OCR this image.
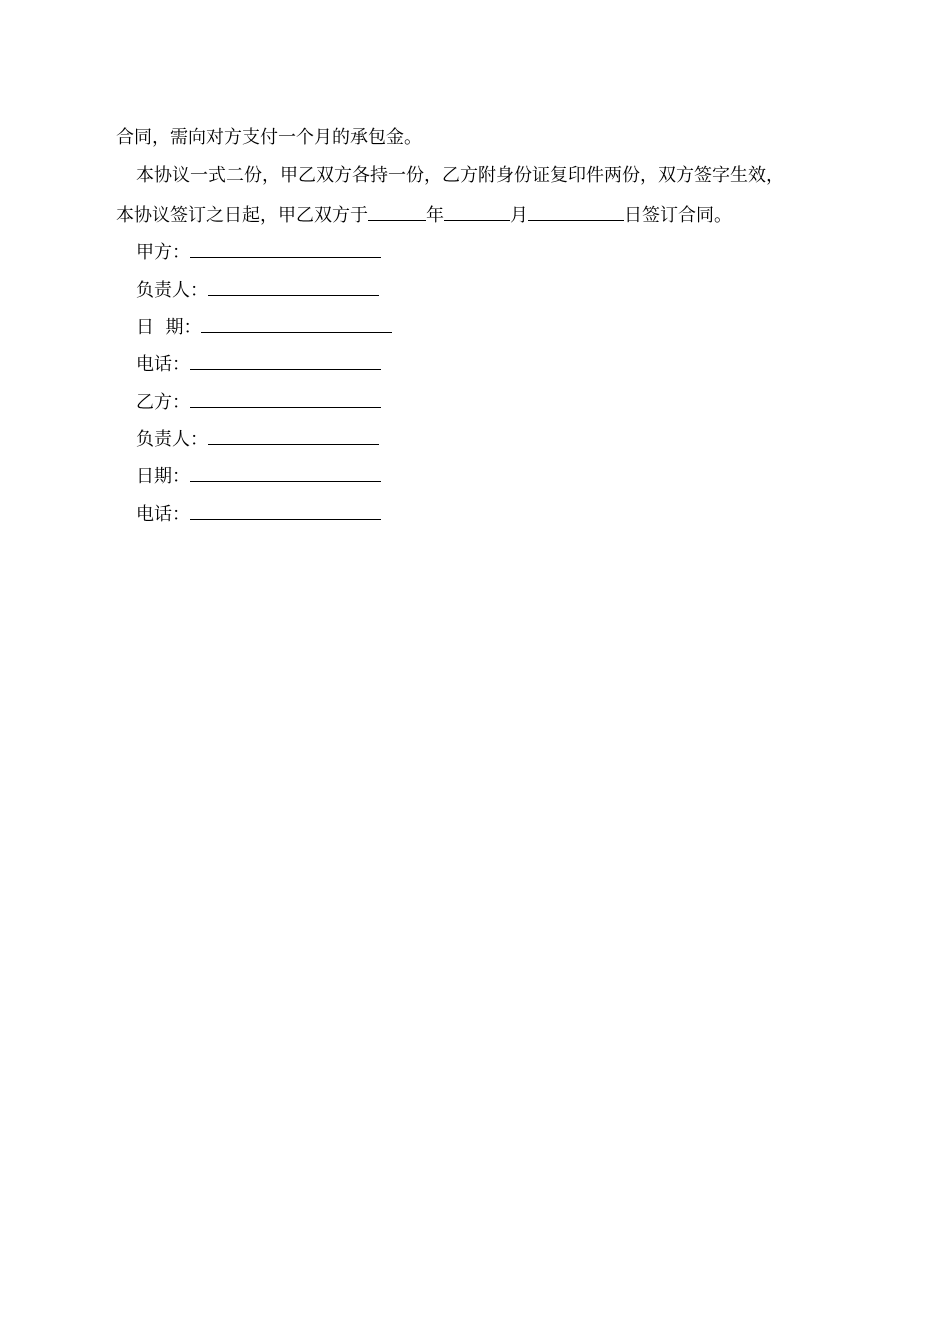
合同，需向对方支付一个月的承包金。
本协议一式二份，甲乙双方各持一份，乙方附身份证复印件两份，双方签字生效，
本协议签订之日起，甲乙双方于	年	月	日签订合同。
甲方：
负责人：
日  期：
电话：
乙方：
负责人：
日期：
电话：
